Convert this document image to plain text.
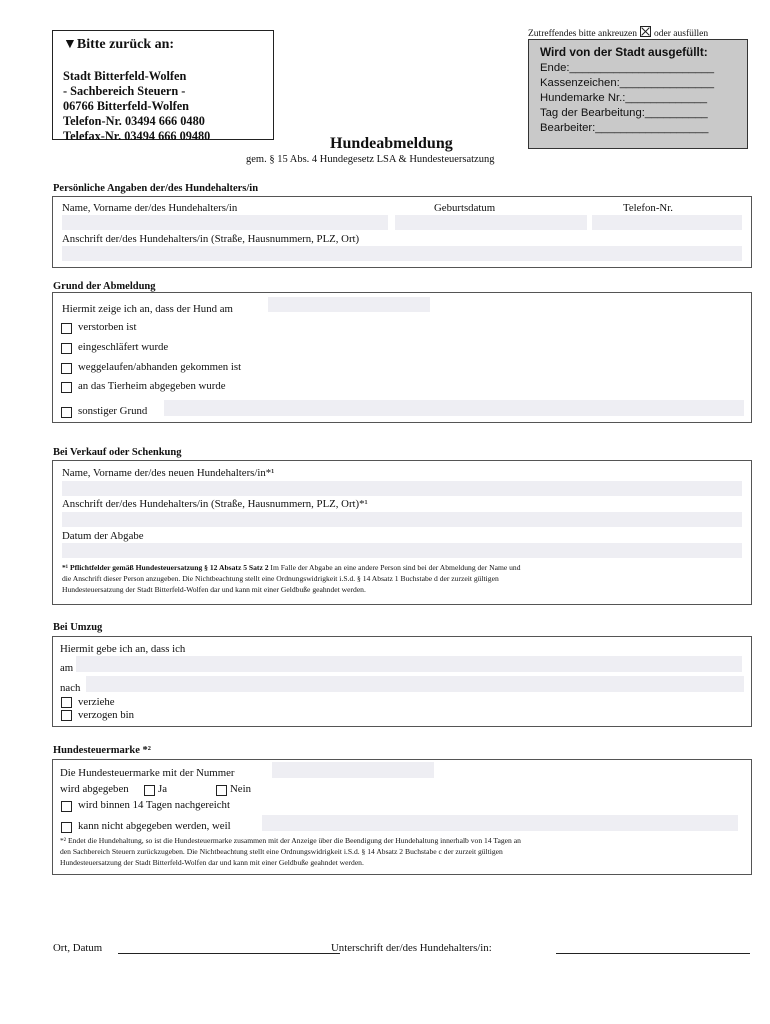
▼Bitte zurück an:
Stadt Bitterfeld-Wolfen
- Sachbereich Steuern -
06766 Bitterfeld-Wolfen
Telefon-Nr. 03494 666 0480
Telefax-Nr. 03494 666 09480
Zutreffendes bitte ankreuzen oder ausfüllen
Wird von der Stadt ausgefüllt:
Ende:_______________________
Kassenzeichen:_______________
Hundemarke Nr.:_____________
Tag der Bearbeitung:__________
Bearbeiter:__________________
Hundeabmeldung
gem. § 15 Abs. 4 Hundegesetz LSA & Hundesteuersatzung
Persönliche Angaben der/des Hundehalters/in
Name, Vorname der/des Hundehalters/in	Geburtsdatum	Telefon-Nr.
Anschrift der/des Hundehalters/in (Straße, Hausnummern, PLZ, Ort)
Grund der Abmeldung
Hiermit zeige ich an, dass der Hund am
verstorben ist
eingeschläfert wurde
weggelaufen/abhanden gekommen ist
an das Tierheim abgegeben wurde
sonstiger Grund
Bei Verkauf oder Schenkung
Name, Vorname der/des neuen Hundehalters/in*¹
Anschrift der/des Hundehalters/in (Straße, Hausnummern, PLZ, Ort)*¹
Datum der Abgabe
*¹ Pflichtfelder gemäß Hundesteuersatzung § 12 Absatz 5 Satz 2 Im Falle der Abgabe an eine andere Person sind bei der Abmeldung der Name und
die Anschrift dieser Person anzugeben. Die Nichtbeachtung stellt eine Ordnungswidrigkeit i.S.d. § 14 Absatz 1 Buchstabe d der zurzeit gültigen
Hundesteuersatzung der Stadt Bitterfeld-Wolfen dar und kann mit einer Geldbuße geahndet werden.
Bei Umzug
Hiermit gebe ich an, dass ich
am
nach
verziehe
verzogen bin
Hundesteuermarke *²
Die Hundesteuermarke mit der Nummer
wird abgegeben	Ja	Nein
wird binnen 14 Tagen nachgereicht
kann nicht abgegeben werden, weil
*² Endet die Hundehaltung, so ist die Hundesteuermarke zusammen mit der Anzeige über die Beendigung der Hundehaltung innerhalb von 14 Tagen an
den Sachbereich Steuern zurückzugeben. Die Nichtbeachtung stellt eine Ordnungswidrigkeit i.S.d. § 14 Absatz 2 Buchstabe c der zurzeit gültigen
Hundesteuersatzung der Stadt Bitterfeld-Wolfen dar und kann mit einer Geldbuße geahndet werden.
Ort, Datum	Unterschrift der/des Hundehalters/in:
